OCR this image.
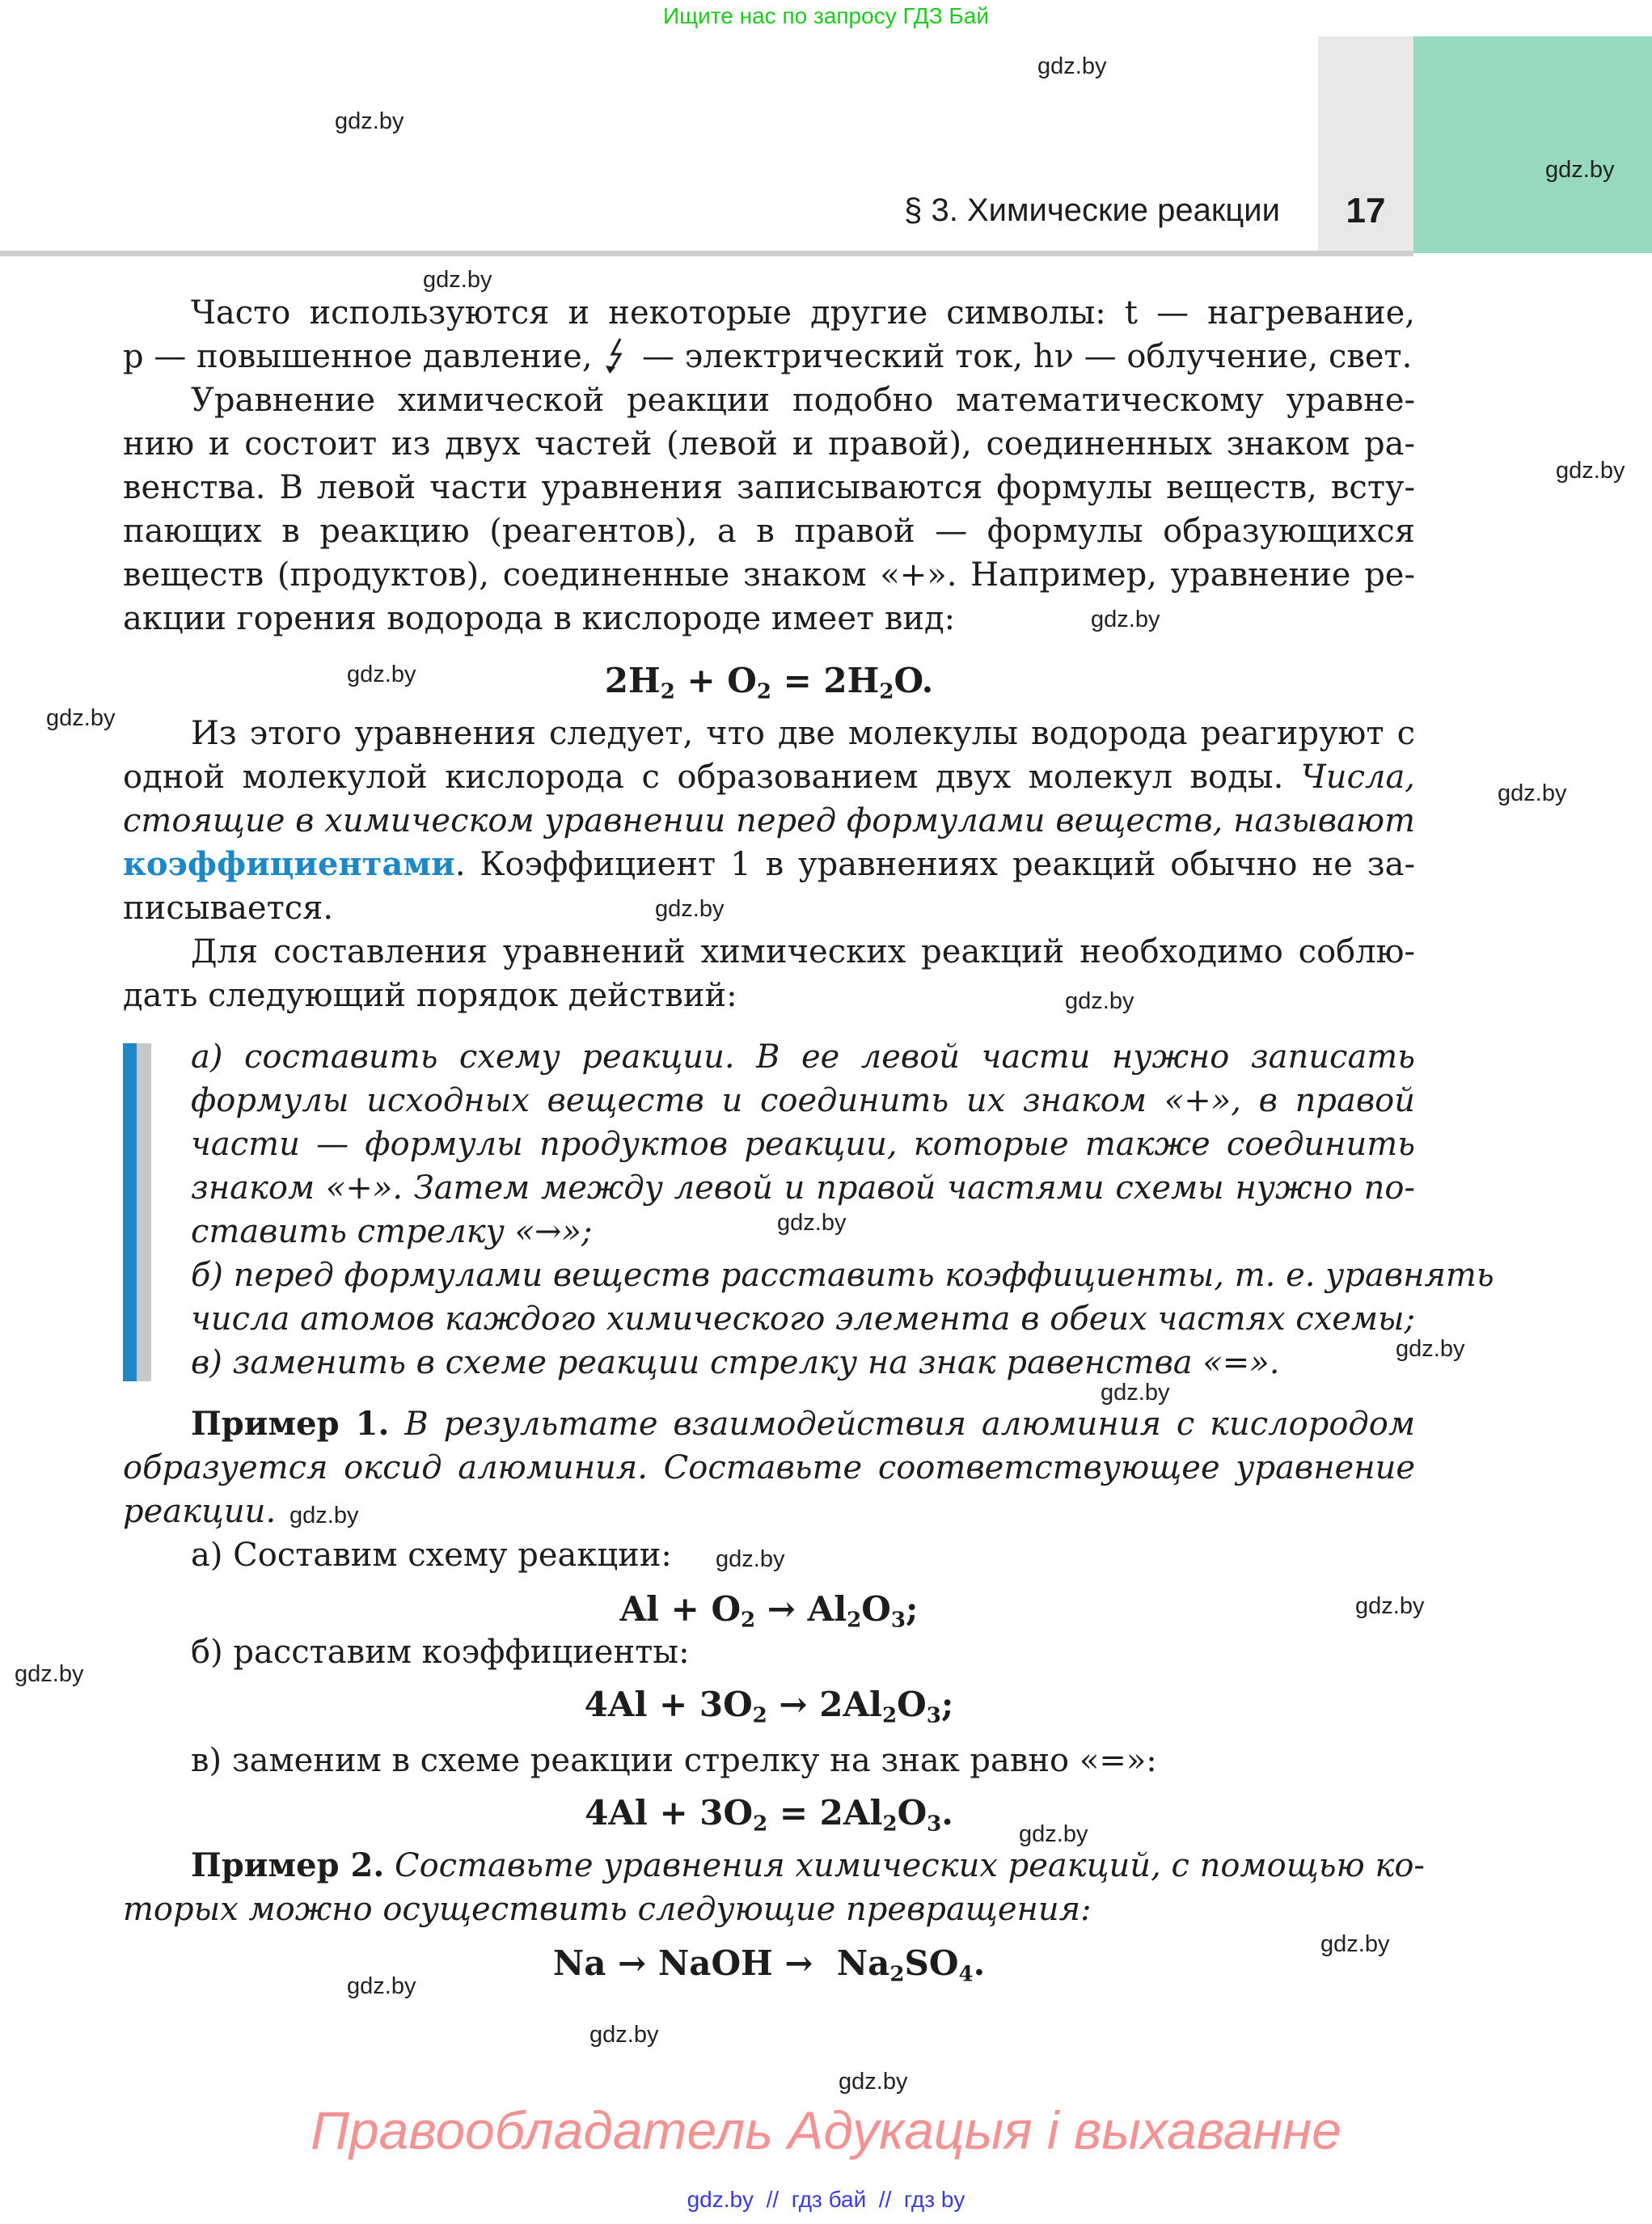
Ищите нас по запросу ГДЗ Бай
§ 3. Химические реакции	17
gdz.by
gdz.by
gdz.by
gdz.by
gdz.by
gdz.by
gdz.by
gdz.by
gdz.by
gdz.by
gdz.by
gdz.by
gdz.by
gdz.by
gdz.by
gdz.by
gdz.by
gdz.by
gdz.by
gdz.by
gdz.by
gdz.by
gdz.by
Часто используются и некоторые другие символы: t — нагревание,
p — повышенное давление, — электрический ток, hν — облучение, свет.
Уравнение химической реакции подобно математическому уравне-
нию и состоит из двух частей (левой и правой), соединенных знаком ра-
венства. В левой части уравнения записываются формулы веществ, всту-
пающих в реакцию (реагентов), а в правой — формулы образующихся
веществ (продуктов), соединенные знаком «+». Например, уравнение ре-
акции горения водорода в кислороде имеет вид:
$2H_2 + O_2 = 2H_2O$.
Из этого уравнения следует, что две молекулы водорода реагируют с
одной молекулой кислорода с образованием двух молекул воды. Числа,
стоящие в химическом уравнении перед формулами веществ, называют
коэффициентами. Коэффициент 1 в уравнениях реакций обычно не за-
писывается.
Для составления уравнений химических реакций необходимо соблю-
дать следующий порядок действий:
а) составить схему реакции. В ее левой части нужно записать
формулы исходных веществ и соединить их знаком «+», в правой
части — формулы продуктов реакции, которые также соединить
знаком «+». Затем между левой и правой частями схемы нужно по-
ставить стрелку «→»;
б) перед формулами веществ расставить коэффициенты, т. е. уравнять
числа атомов каждого химического элемента в обеих частях схемы;
в) заменить в схеме реакции стрелку на знак равенства «=».
Пример 1. В результате взаимодействия алюминия с кислородом
образуется оксид алюминия. Составьте соответствующее уравнение
реакции.
а) Составим схему реакции:
$Al + O_2 \to Al_2O_3$;
б) расставим коэффициенты:
$4Al + 3O_2 \to 2Al_2O_3$;
в) заменим в схеме реакции стрелку на знак равно «=»:
$4Al + 3O_2 = 2Al_2O_3$.
Пример 2. Составьте уравнения химических реакций, с помощью ко-
торых можно осуществить следующие превращения:
Na → NaOH →  $Na_2SO_4$.
Правообладатель Адукацыя і выхаванне
gdz.by  //  гдз бай  //  гдз by
